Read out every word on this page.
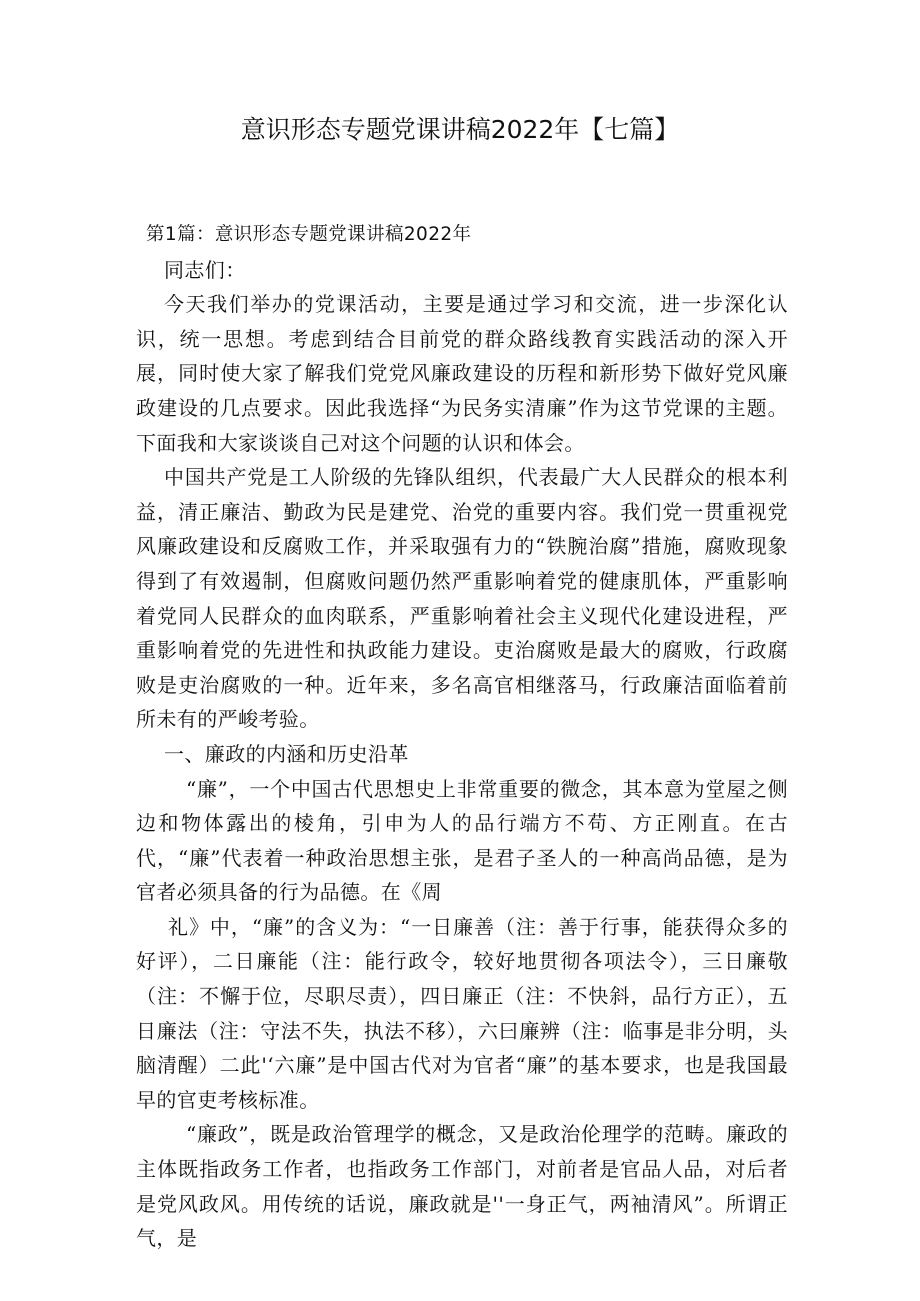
意识形态专题党课讲稿2022年【七篇】

第1篇：意识形态专题党课讲稿2022年

同志们：

今天我们举办的党课活动，主要是通过学习和交流，进一步深化认识，统一思想。考虑到结合目前党的群众路线教育实践活动的深入开展，同时使大家了解我们党党风廉政建设的历程和新形势下做好党风廉政建设的几点要求。因此我选择“为民务实清廉”作为这节党课的主题。下面我和大家谈谈自己对这个问题的认识和体会。

中国共产党是工人阶级的先锋队组织，代表最广大人民群众的根本利益，清正廉洁、勤政为民是建党、治党的重要内容。我们党一贯重视党风廉政建设和反腐败工作，并采取强有力的“铁腕治腐”措施，腐败现象得到了有效遏制，但腐败问题仍然严重影响着党的健康肌体，严重影响着党同人民群众的血肉联系，严重影响着社会主义现代化建设进程，严重影响着党的先进性和执政能力建设。吏治腐败是最大的腐败，行政腐败是吏治腐败的一种。近年来，多名高官相继落马，行政廉洁面临着前所未有的严峻考验。

一、廉政的内涵和历史沿革

“廉”，一个中国古代思想史上非常重要的微念，其本意为堂屋之侧边和物体露出的棱角，引申为人的品行端方不苟、方正刚直。在古代，“廉”代表着一种政治思想主张，是君子圣人的一种高尚品德，是为官者必须具备的行为品德。在《周

礼》中，“廉”的含义为：“一日廉善（注：善于行事，能获得众多的好评），二日廉能（注：能行政令，较好地贯彻各项法令），三日廉敬（注：不懈于位，尽职尽责），四日廉正（注：不快斜，品行方正），五日廉法（注：守法不失，执法不移），六曰廉辨（注：临事是非分明，头脑清醒）二此'‘六廉”是中国古代对为官者“廉”的基本要求，也是我国最早的官吏考核标准。

“廉政”，既是政治管理学的概念，又是政治伦理学的范畴。廉政的主体既指政务工作者，也指政务工作部门，对前者是官品人品，对后者是党风政风。用传统的话说，廉政就是''一身正气，两袖清风”。所谓正气，是
